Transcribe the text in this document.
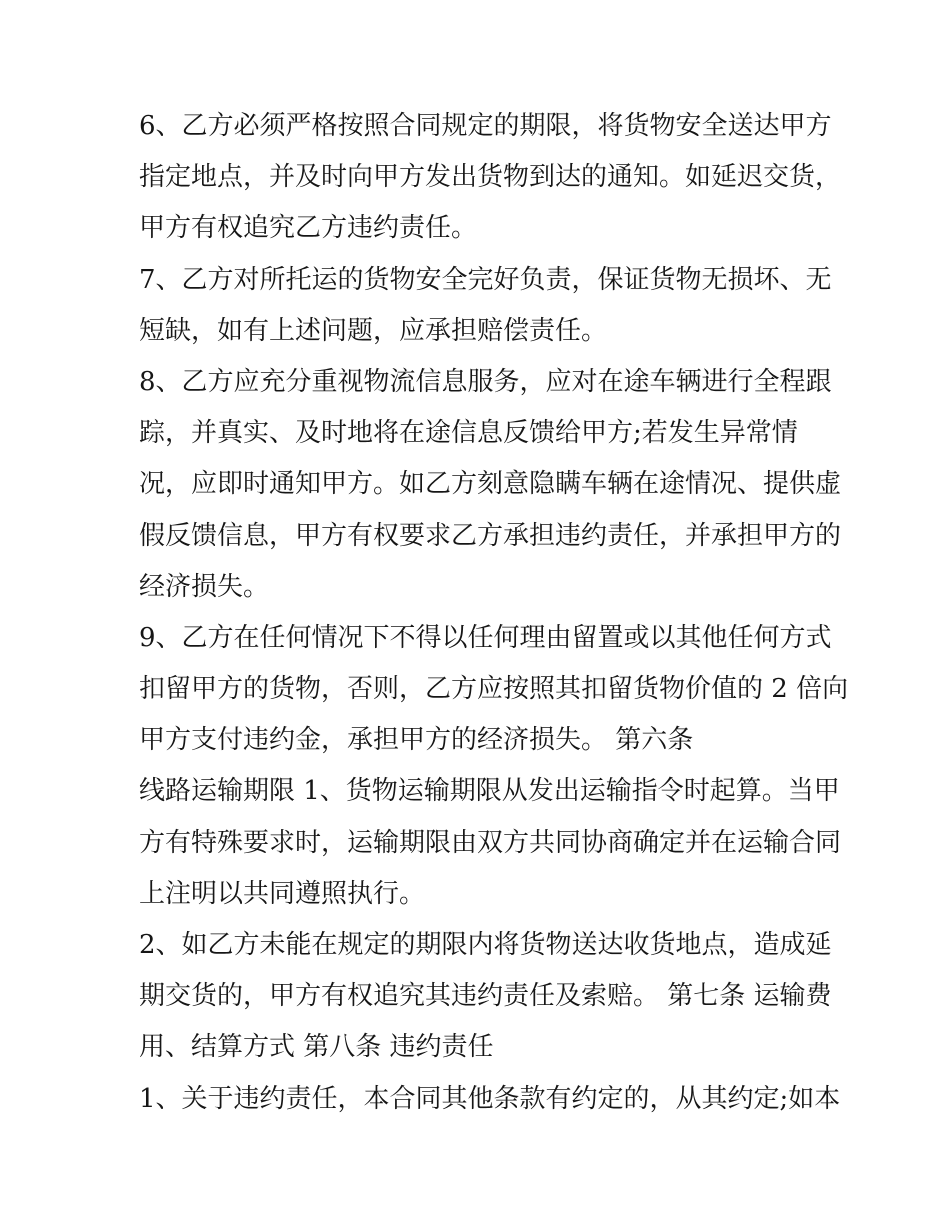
6、乙方必须严格按照合同规定的期限，将货物安全送达甲方
指定地点，并及时向甲方发出货物到达的通知。如延迟交货，
甲方有权追究乙方违约责任。
7、乙方对所托运的货物安全完好负责，保证货物无损坏、无
短缺，如有上述问题，应承担赔偿责任。
8、乙方应充分重视物流信息服务，应对在途车辆进行全程跟
踪，并真实、及时地将在途信息反馈给甲方;若发生异常情
况，应即时通知甲方。如乙方刻意隐瞒车辆在途情况、提供虚
假反馈信息，甲方有权要求乙方承担违约责任，并承担甲方的
经济损失。
9、乙方在任何情况下不得以任何理由留置或以其他任何方式
扣留甲方的货物，否则，乙方应按照其扣留货物价值的 2 倍向
甲方支付违约金，承担甲方的经济损失。 第六条
线路运输期限 1、货物运输期限从发出运输指令时起算。当甲
方有特殊要求时，运输期限由双方共同协商确定并在运输合同
上注明以共同遵照执行。
2、如乙方未能在规定的期限内将货物送达收货地点，造成延
期交货的，甲方有权追究其违约责任及索赔。 第七条 运输费
用、结算方式 第八条 违约责任
1、关于违约责任，本合同其他条款有约定的，从其约定;如本
